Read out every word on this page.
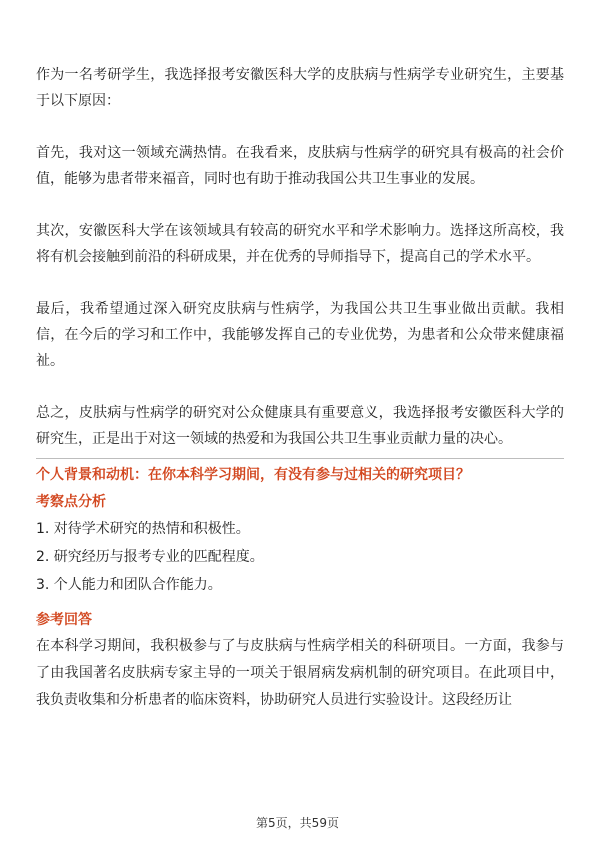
作为一名考研学生，我选择报考安徽医科大学的皮肤病与性病学专业研究生，主要基于以下原因：

首先，我对这一领域充满热情。在我看来，皮肤病与性病学的研究具有极高的社会价值，能够为患者带来福音，同时也有助于推动我国公共卫生事业的发展。

其次，安徽医科大学在该领域具有较高的研究水平和学术影响力。选择这所高校，我将有机会接触到前沿的科研成果，并在优秀的导师指导下，提高自己的学术水平。

最后，我希望通过深入研究皮肤病与性病学，为我国公共卫生事业做出贡献。我相信，在今后的学习和工作中，我能够发挥自己的专业优势，为患者和公众带来健康福祉。

总之，皮肤病与性病学的研究对公众健康具有重要意义，我选择报考安徽医科大学的研究生，正是出于对这一领域的热爱和为我国公共卫生事业贡献力量的决心。

个人背景和动机：在你本科学习期间，有没有参与过相关的研究项目？

考察点分析

1. 对待学术研究的热情和积极性。

2. 研究经历与报考专业的匹配程度。

3. 个人能力和团队合作能力。

参考回答

在本科学习期间，我积极参与了与皮肤病与性病学相关的科研项目。一方面，我参与了由我国著名皮肤病专家主导的一项关于银屑病发病机制的研究项目。在此项目中，我负责收集和分析患者的临床资料，协助研究人员进行实验设计。这段经历让

第5页，共59页
